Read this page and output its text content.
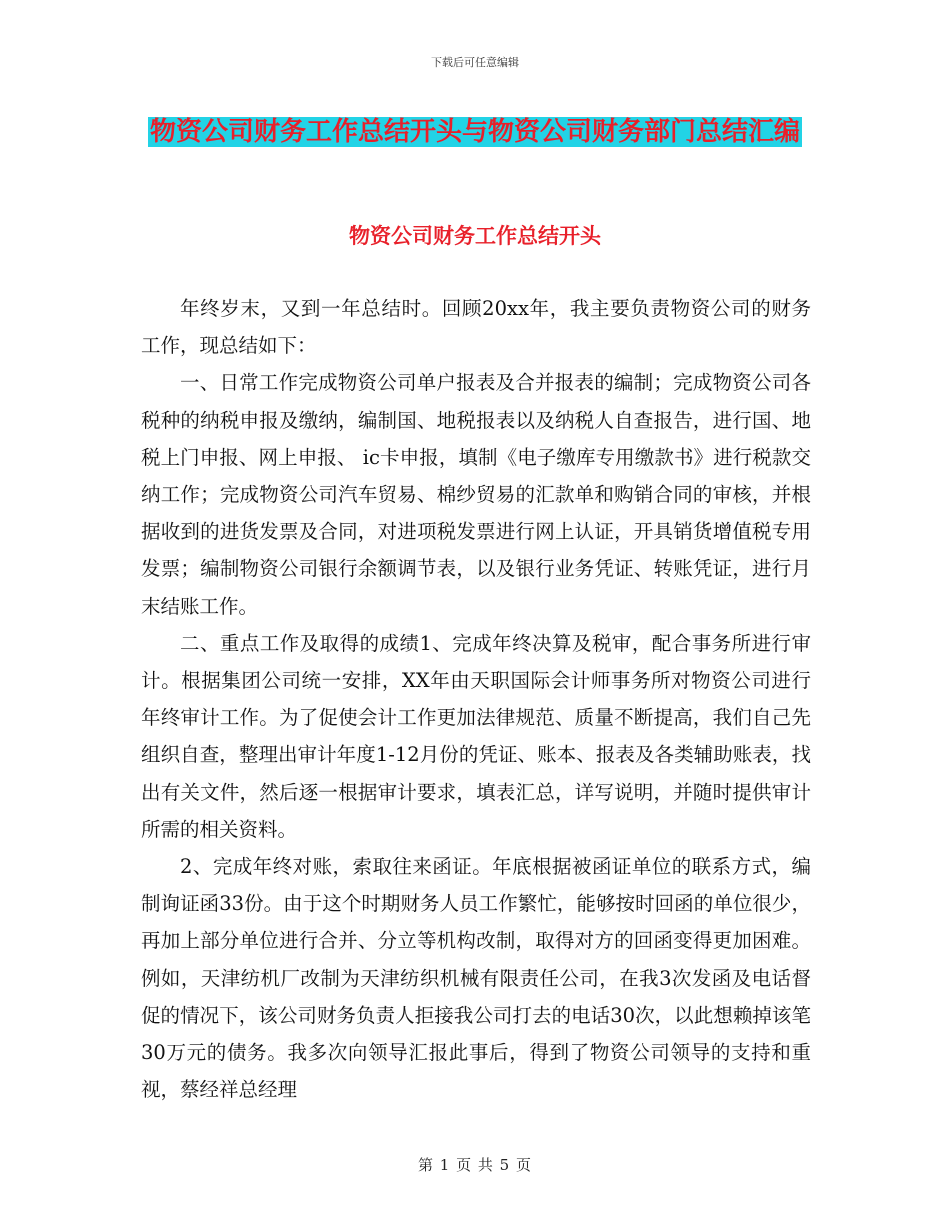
下载后可任意编辑
物资公司财务工作总结开头与物资公司财务部门总结汇编
物资公司财务工作总结开头

年终岁末，又到一年总结时。回顾20xx年，我主要负责物资公司的财务工作，现总结如下：

一、日常工作完成物资公司单户报表及合并报表的编制；完成物资公司各税种的纳税申报及缴纳，编制国、地税报表以及纳税人自查报告，进行国、地税上门申报、网上申报、 ic卡申报，填制《电子缴库专用缴款书》进行税款交纳工作；完成物资公司汽车贸易、棉纱贸易的汇款单和购销合同的审核，并根据收到的进货发票及合同，对进项税发票进行网上认证，开具销货增值税专用发票；编制物资公司银行余额调节表，以及银行业务凭证、转账凭证，进行月末结账工作。

二、重点工作及取得的成绩1、完成年终决算及税审，配合事务所进行审计。根据集团公司统一安排，XX年由天职国际会计师事务所对物资公司进行年终审计工作。为了促使会计工作更加法律规范、质量不断提高，我们自己先组织自查，整理出审计年度1-12月份的凭证、账本、报表及各类辅助账表，找出有关文件，然后逐一根据审计要求，填表汇总，详写说明，并随时提供审计所需的相关资料。

2、完成年终对账，索取往来函证。年底根据被函证单位的联系方式，编制询证函33份。由于这个时期财务人员工作繁忙，能够按时回函的单位很少，再加上部分单位进行合并、分立等机构改制，取得对方的回函变得更加困难。例如，天津纺机厂改制为天津纺织机械有限责任公司，在我3次发函及电话督促的情况下，该公司财务负责人拒接我公司打去的电话30次，以此想赖掉该笔30万元的债务。我多次向领导汇报此事后，得到了物资公司领导的支持和重视，蔡经祥总经理

第 1 页 共 5 页
